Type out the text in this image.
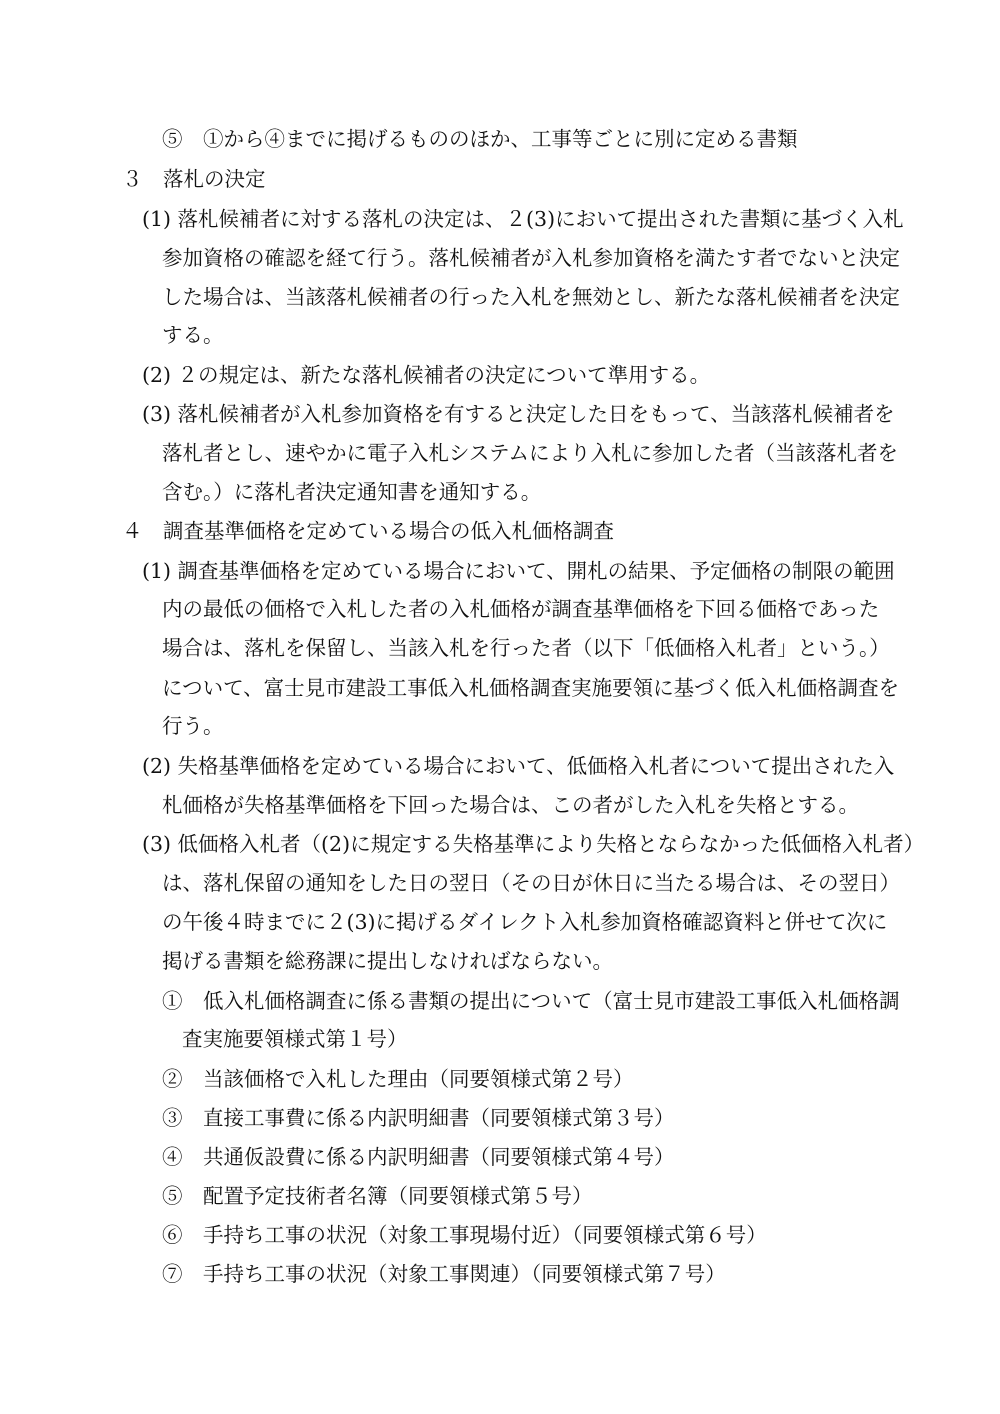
⑤　①から④までに掲げるもののほか、工事等ごとに別に定める書類
３　落札の決定
(1) 落札候補者に対する落札の決定は、２(3)において提出された書類に基づく入札
参加資格の確認を経て行う。落札候補者が入札参加資格を満たす者でないと決定
した場合は、当該落札候補者の行った入札を無効とし、新たな落札候補者を決定
する。
(2) ２の規定は、新たな落札候補者の決定について準用する。
(3) 落札候補者が入札参加資格を有すると決定した日をもって、当該落札候補者を
落札者とし、速やかに電子入札システムにより入札に参加した者（当該落札者を
含む。）に落札者決定通知書を通知する。
４　調査基準価格を定めている場合の低入札価格調査
(1) 調査基準価格を定めている場合において、開札の結果、予定価格の制限の範囲
内の最低の価格で入札した者の入札価格が調査基準価格を下回る価格であった
場合は、落札を保留し、当該入札を行った者（以下「低価格入札者」という。）
について、富士見市建設工事低入札価格調査実施要領に基づく低入札価格調査を
行う。
(2) 失格基準価格を定めている場合において、低価格入札者について提出された入
札価格が失格基準価格を下回った場合は、この者がした入札を失格とする。
(3) 低価格入札者（(2)に規定する失格基準により失格とならなかった低価格入札者）
は、落札保留の通知をした日の翌日（その日が休日に当たる場合は、その翌日）
の午後４時までに２(3)に掲げるダイレクト入札参加資格確認資料と併せて次に
掲げる書類を総務課に提出しなければならない。
①　低入札価格調査に係る書類の提出について（富士見市建設工事低入札価格調
査実施要領様式第１号）
②　当該価格で入札した理由（同要領様式第２号）
③　直接工事費に係る内訳明細書（同要領様式第３号）
④　共通仮設費に係る内訳明細書（同要領様式第４号）
⑤　配置予定技術者名簿（同要領様式第５号）
⑥　手持ち工事の状況（対象工事現場付近）（同要領様式第６号）
⑦　手持ち工事の状況（対象工事関連）（同要領様式第７号）
